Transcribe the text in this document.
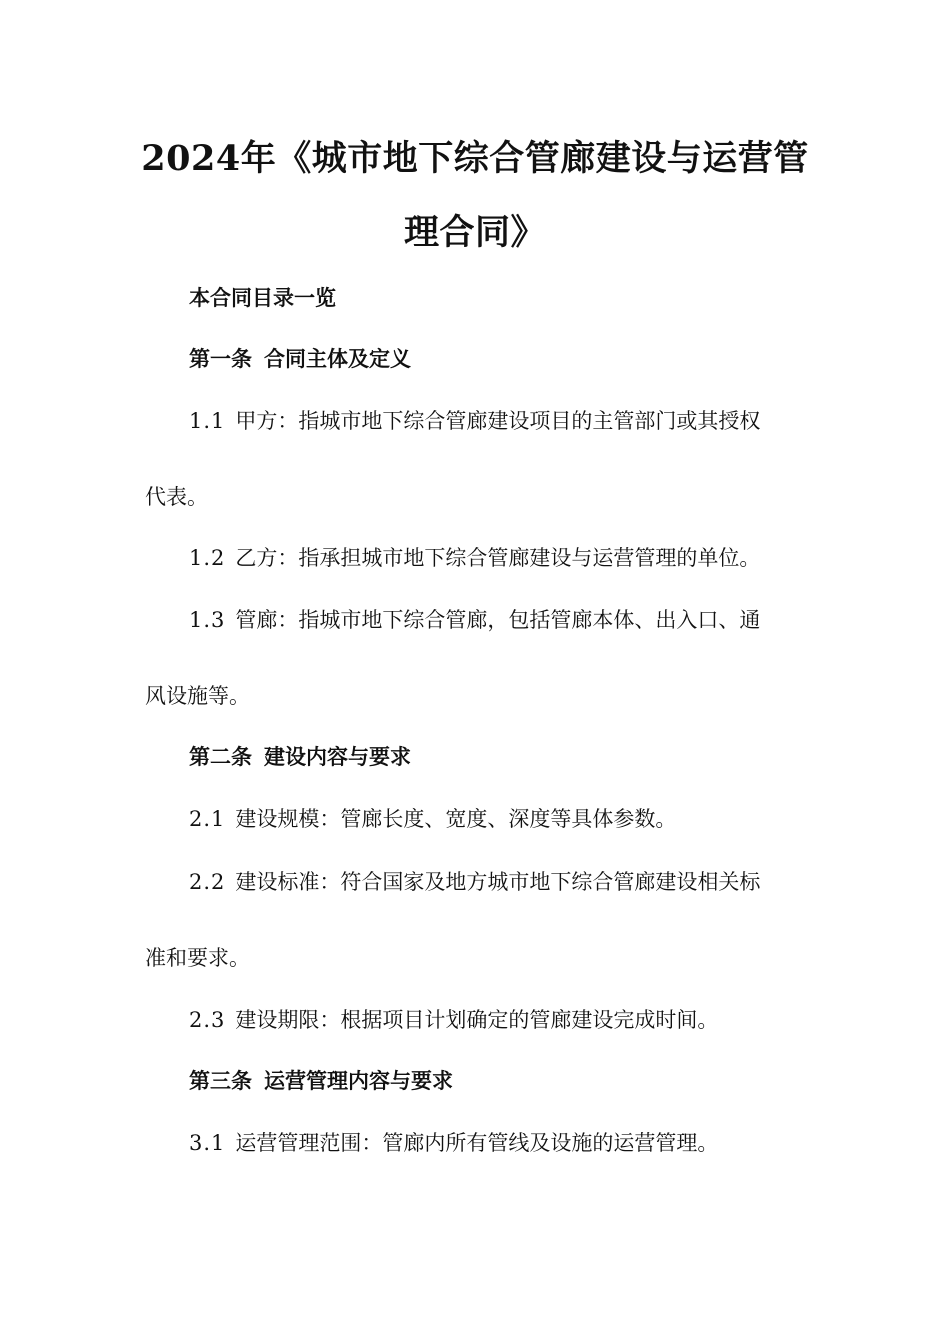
2024年《城市地下综合管廊建设与运营管
理合同》

本合同目录一览

第一条 合同主体及定义

1.1 甲方：指城市地下综合管廊建设项目的主管部门或其授权

代表。

1.2 乙方：指承担城市地下综合管廊建设与运营管理的单位。

1.3 管廊：指城市地下综合管廊，包括管廊本体、出入口、通

风设施等。

第二条 建设内容与要求

2.1 建设规模：管廊长度、宽度、深度等具体参数。

2.2 建设标准：符合国家及地方城市地下综合管廊建设相关标

准和要求。

2.3 建设期限：根据项目计划确定的管廊建设完成时间。

第三条 运营管理内容与要求

3.1 运营管理范围：管廊内所有管线及设施的运营管理。
